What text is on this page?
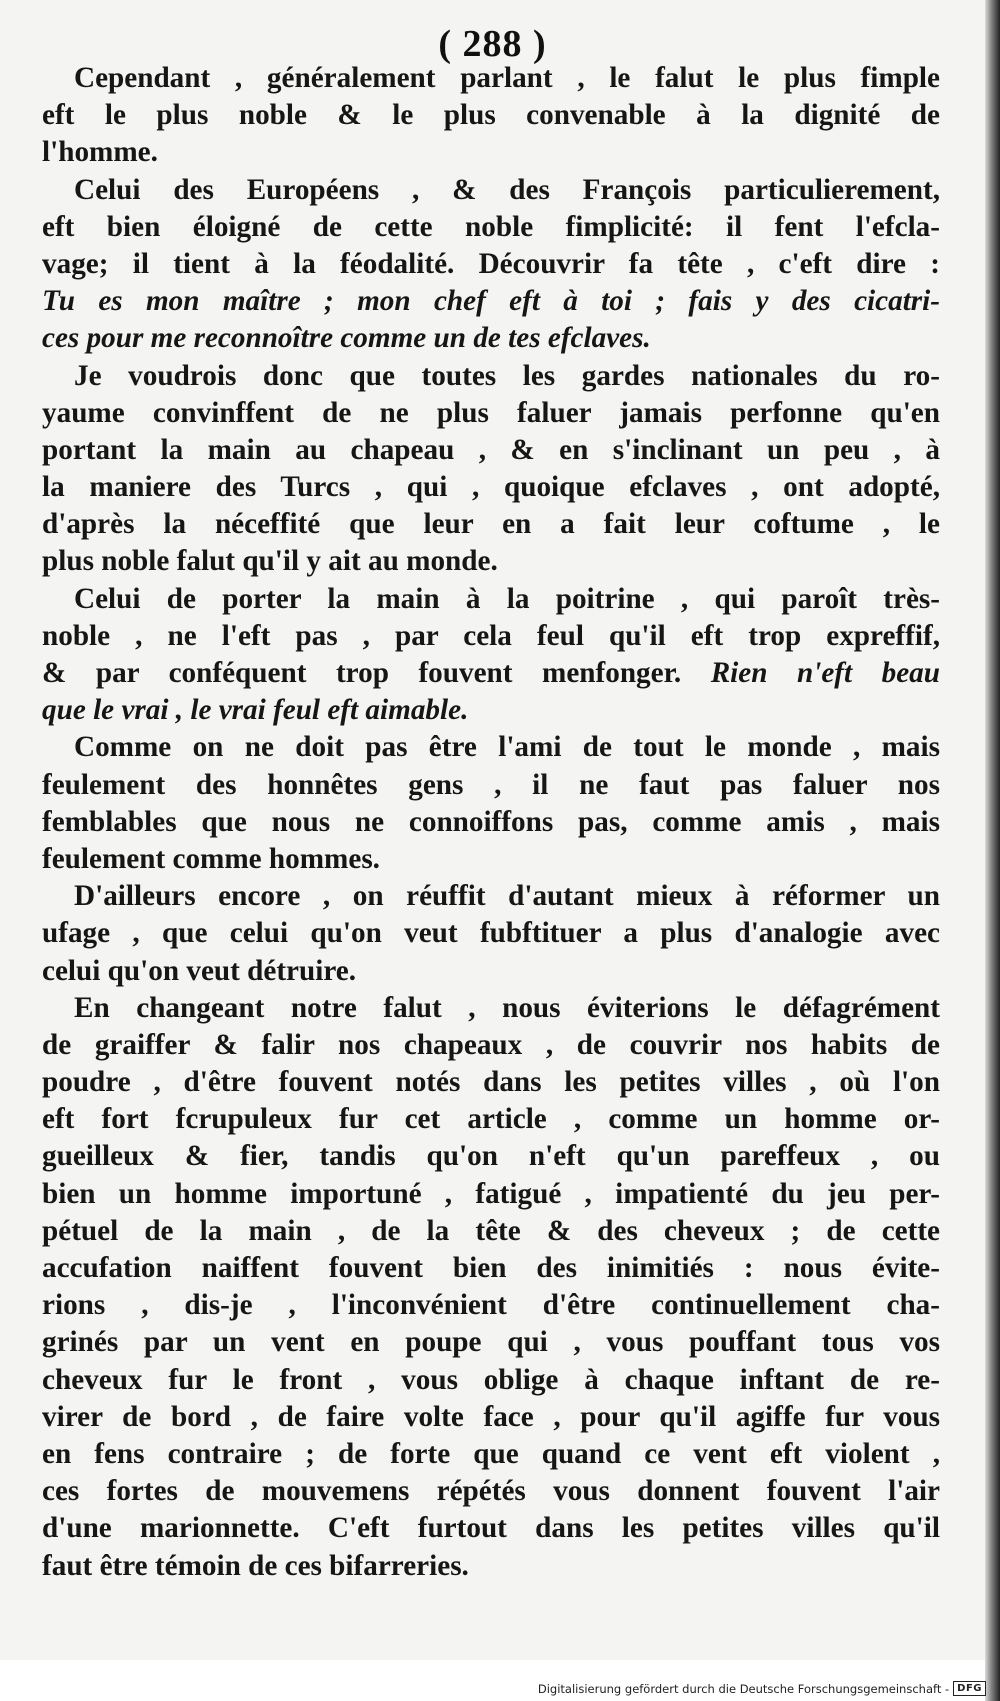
( 288 )
Cependant , généralement parlant , le falut le plus fimple
eft le plus noble & le plus convenable à la dignité de
l'homme.
Celui des Européens , & des François particulierement,
eft bien éloigné de cette noble fimplicité: il fent l'efcla-
vage; il tient à la féodalité. Découvrir fa tête , c'eft dire :
Tu es mon maître ; mon chef eft à toi ; fais y des cicatri-
ces pour me reconnoître comme un de tes efclaves.
Je voudrois donc que toutes les gardes nationales du ro-
yaume convinffent de ne plus faluer jamais perfonne qu'en
portant la main au chapeau , & en s'inclinant un peu , à
la maniere des Turcs , qui , quoique efclaves , ont adopté,
d'après la néceffité que leur en a fait leur coftume , le
plus noble falut qu'il y ait au monde.
Celui de porter la main à la poitrine , qui paroît très-
noble , ne l'eft pas , par cela feul qu'il eft trop expreffif,
& par conféquent trop fouvent menfonger. Rien n'eft beau
que le vrai , le vrai feul eft aimable.
Comme on ne doit pas être l'ami de tout le monde , mais
feulement des honnêtes gens , il ne faut pas faluer nos
femblables que nous ne connoiffons pas, comme amis , mais
feulement comme hommes.
D'ailleurs encore , on réuffit d'autant mieux à réformer un
ufage , que celui qu'on veut fubftituer a plus d'analogie avec
celui qu'on veut détruire.
En changeant notre falut , nous éviterions le défagrément
de graiffer & falir nos chapeaux , de couvrir nos habits de
poudre , d'être fouvent notés dans les petites villes , où l'on
eft fort fcrupuleux fur cet article , comme un homme or-
gueilleux & fier, tandis qu'on n'eft qu'un pareffeux , ou
bien un homme importuné , fatigué , impatienté du jeu per-
pétuel de la main , de la tête & des cheveux ; de cette
accufation naiffent fouvent bien des inimitiés : nous évite-
rions , dis-je , l'inconvénient d'être continuellement cha-
grinés par un vent en poupe qui , vous pouffant tous vos
cheveux fur le front , vous oblige à chaque inftant de re-
virer de bord , de faire volte face , pour qu'il agiffe fur vous
en fens contraire ; de forte que quand ce vent eft violent ,
ces fortes de mouvemens répétés vous donnent fouvent l'air
d'une marionnette. C'eft furtout dans les petites villes qu'il
faut être témoin de ces bifarreries.
Digitalisierung gefördert durch die Deutsche Forschungsgemeinschaft - DFG
